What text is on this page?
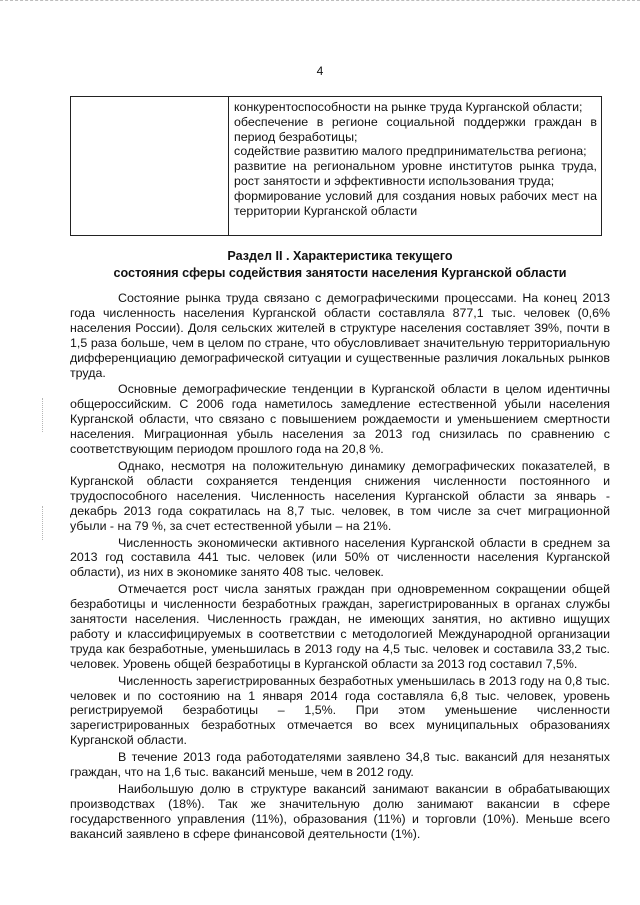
4
конкурентоспособности на рынке труда Курганской области;
обеспечение в регионе социальной поддержки граждан в период безработицы;
содействие развитию малого предпринимательства региона;
развитие на региональном уровне институтов рынка труда, рост занятости и эффективности использования труда;
формирование условий для создания новых рабочих мест на территории Курганской области
Раздел II . Характеристика текущего
состояния сферы содействия занятости населения Курганской области

Состояние рынка труда связано с демографическими процессами. На конец 2013 года численность населения Курганской области составляла 877,1 тыс. человек (0,6% населения России). Доля сельских жителей в структуре населения составляет 39%, почти в 1,5 раза больше, чем в целом по стране, что обусловливает значительную территориальную дифференциацию демографической ситуации и существенные различия локальных рынков труда.

Основные демографические тенденции в Курганской области в целом идентичны общероссийским. С 2006 года наметилось замедление естественной убыли населения Курганской области, что связано с повышением рождаемости и уменьшением смертности населения. Миграционная убыль населения за 2013 год снизилась по сравнению с соответствующим периодом прошлого года на 20,8 %.

Однако, несмотря на положительную динамику демографических показателей, в Курганской области сохраняется тенденция снижения численности постоянного и трудоспособного населения. Численность населения Курганской области за январь - декабрь 2013 года сократилась на 8,7 тыс. человек, в том числе за счет миграционной убыли - на 79 %, за счет естественной убыли – на 21%.

Численность экономически активного населения Курганской области в среднем за 2013 год составила 441 тыс. человек (или 50% от численности населения Курганской области), из них в экономике занято 408 тыс. человек.

Отмечается рост числа занятых граждан при одновременном сокращении общей безработицы и численности безработных граждан, зарегистрированных в органах службы занятости населения. Численность граждан, не имеющих занятия, но активно ищущих работу и классифицируемых в соответствии с методологией Международной организации труда как безработные, уменьшилась в 2013 году на 4,5 тыс. человек и составила 33,2 тыс. человек. Уровень общей безработицы в Курганской области за 2013 год составил 7,5%.

Численность зарегистрированных безработных уменьшилась в 2013 году на 0,8 тыс. человек и по состоянию на 1 января 2014 года составляла 6,8 тыс. человек, уровень регистрируемой безработицы – 1,5%. При этом уменьшение численности зарегистрированных безработных отмечается во всех муниципальных образованиях Курганской области.

В течение 2013 года работодателями заявлено 34,8 тыс. вакансий для незанятых граждан, что на 1,6 тыс. вакансий меньше, чем в 2012 году.

Наибольшую долю в структуре вакансий занимают вакансии в обрабатывающих производствах (18%). Так же значительную долю занимают вакансии в сфере государственного управления (11%), образования (11%) и торговли (10%). Меньше всего вакансий заявлено в сфере финансовой деятельности (1%).
